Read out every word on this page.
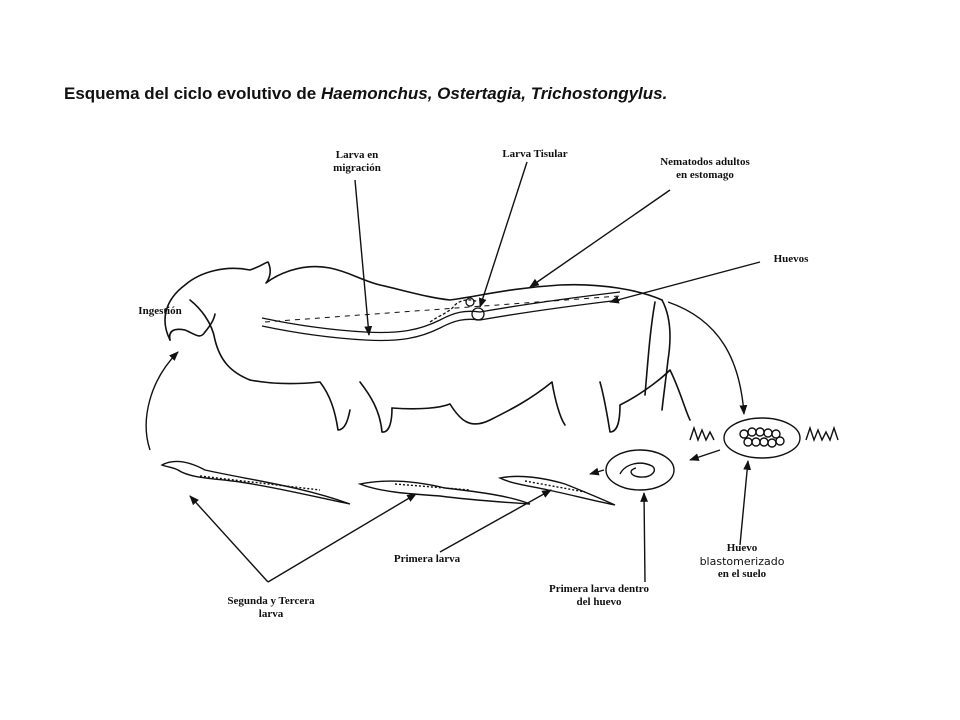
Esquema del ciclo evolutivo de Haemonchus, Ostertagia, Trichostongylus.
Larva en
migración
Larva Tisular
Nematodos adultos
en estomago
Huevos
Ingestión
Huevo
blastomerizado
en el suelo
Primera larva
Primera larva dentro
del huevo
Segunda y Tercera
larva
